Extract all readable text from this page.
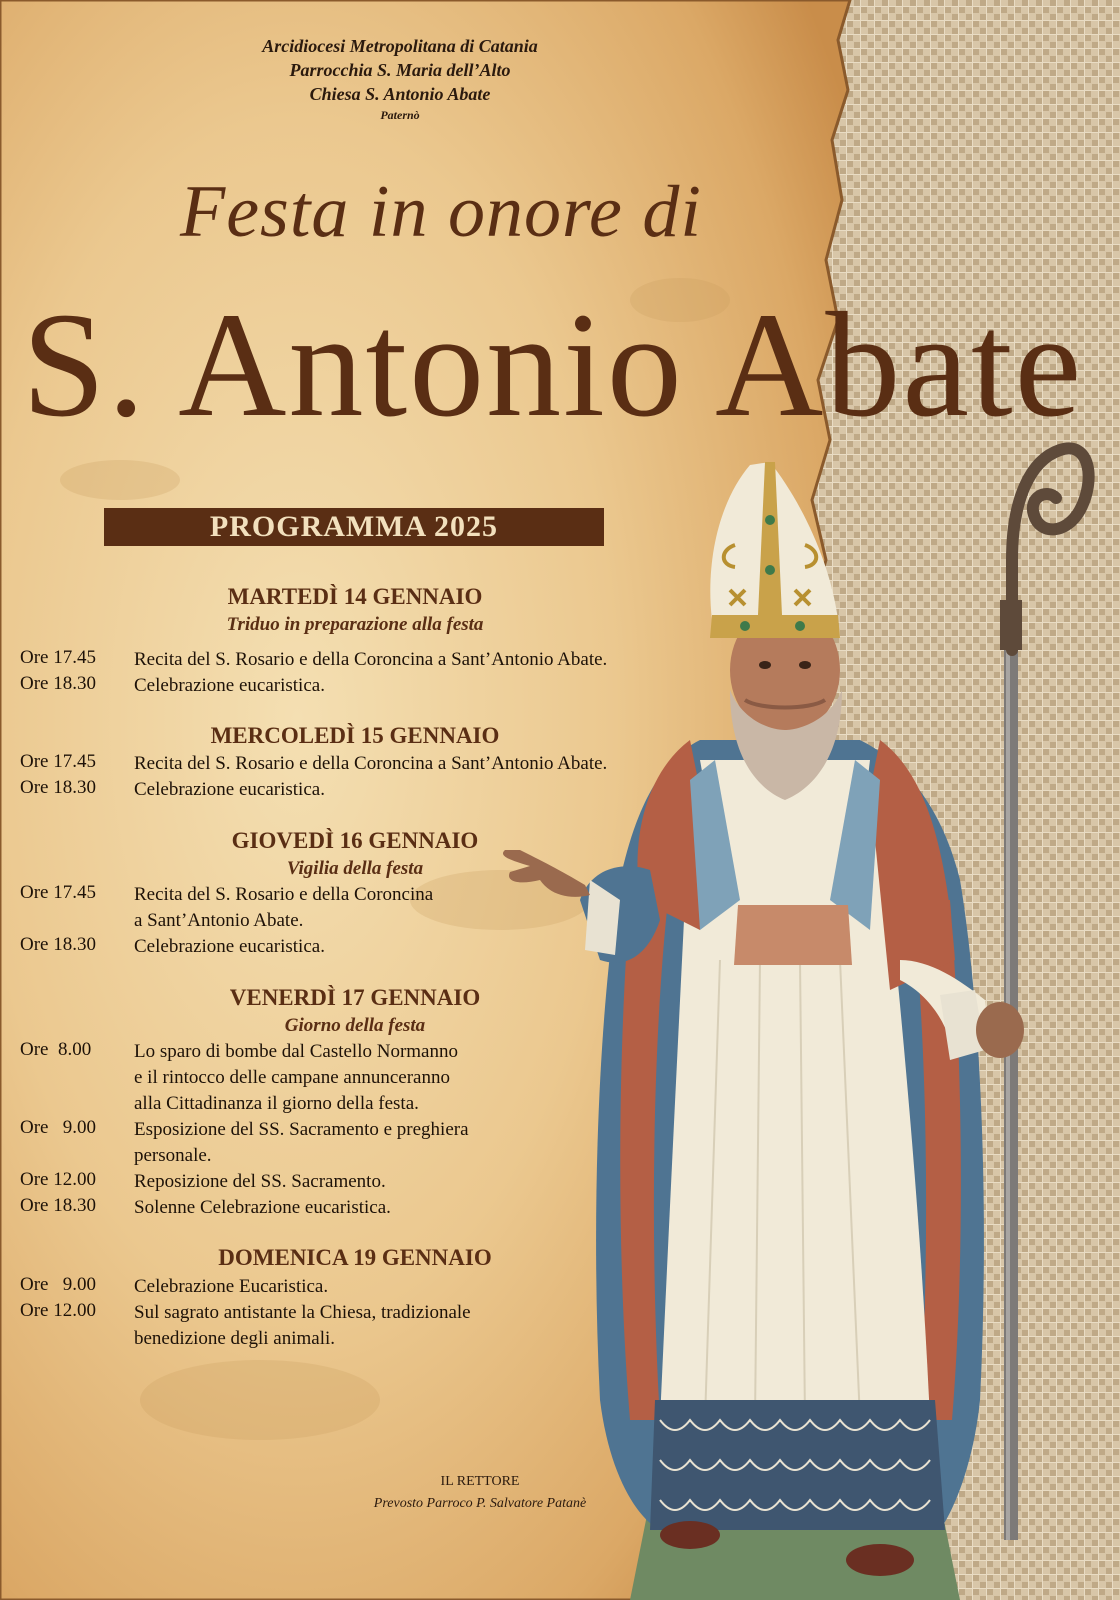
Arcidiocesi Metropolitana di Catania
Parrocchia S. Maria dell’Alto
Chiesa S. Antonio Abate
Paternò
Festa in onore di
S. Antonio Abate
PROGRAMMA 2025
MARTEDÌ 14 GENNAIO
Triduo in preparazione alla festa
Ore 17.45 Recita del S. Rosario e della Coroncina a Sant’Antonio Abate.
Ore 18.30 Celebrazione eucaristica.
MERCOLEDÌ 15 GENNAIO
Ore 17.45 Recita del S. Rosario e della Coroncina a Sant’Antonio Abate.
Ore 18.30 Celebrazione eucaristica.
GIOVEDÌ 16 GENNAIO
Vigilia della festa
Ore 17.45 Recita del S. Rosario e della Coroncina
a Sant’Antonio Abate.
Ore 18.30 Celebrazione eucaristica.
VENERDÌ 17 GENNAIO
Giorno della festa
Ore  8.00 Lo sparo di bombe dal Castello Normanno
e il rintocco delle campane annunceranno
alla Cittadinanza il giorno della festa.
Ore   9.00 Esposizione del SS. Sacramento e preghiera
personale.
Ore 12.00 Reposizione del SS. Sacramento.
Ore 18.30 Solenne Celebrazione eucaristica.
DOMENICA 19 GENNAIO
Ore   9.00 Celebrazione Eucaristica.
Ore 12.00 Sul sagrato antistante la Chiesa, tradizionale
benedizione degli animali.
IL RETTORE
Prevosto Parroco P. Salvatore Patanè
